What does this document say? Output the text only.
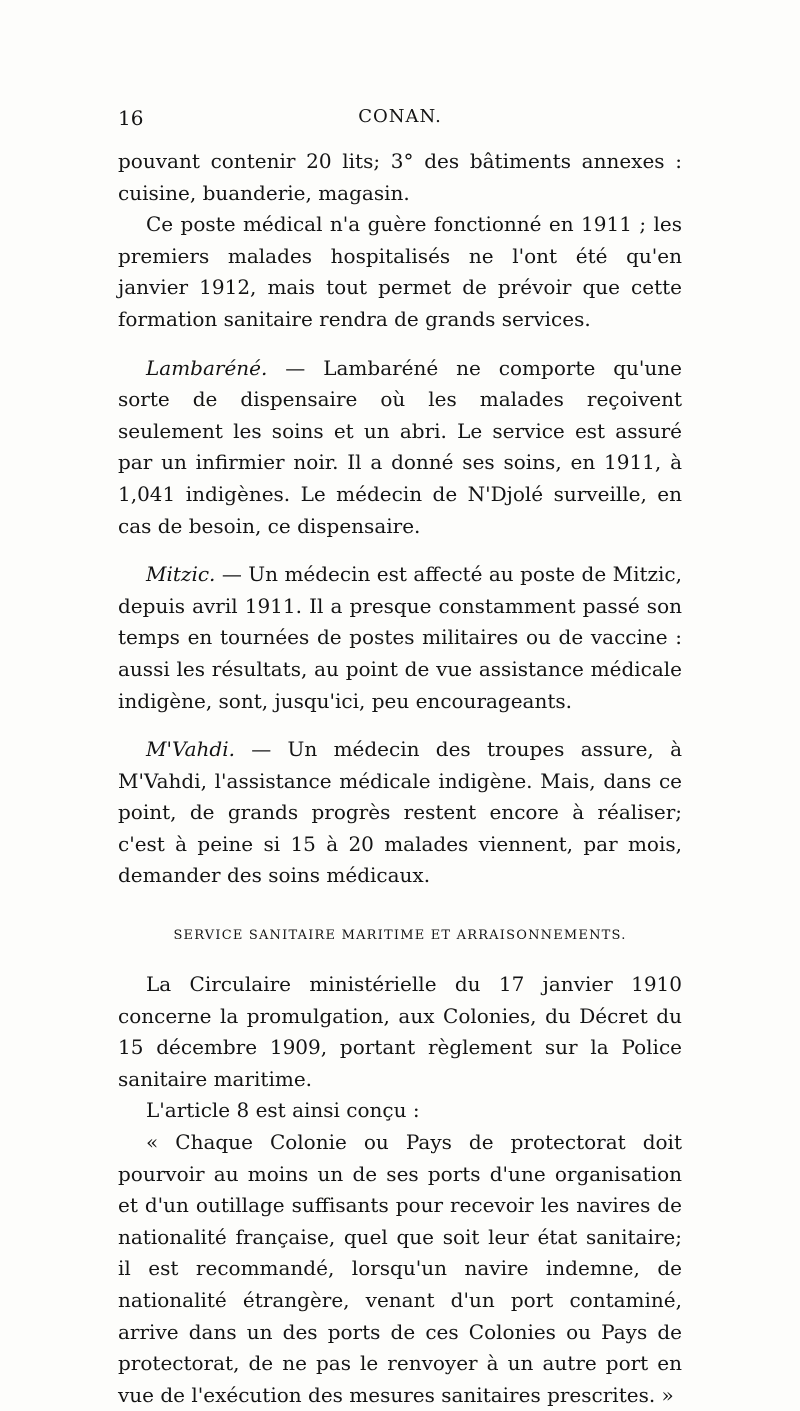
16	CONAN.

pouvant contenir 20 lits; 3° des bâtiments annexes : cuisine, buanderie, magasin.

Ce poste médical n'a guère fonctionné en 1911 ; les premiers malades hospitalisés ne l'ont été qu'en janvier 1912, mais tout permet de prévoir que cette formation sanitaire rendra de grands services.

Lambaréné. — Lambaréné ne comporte qu'une sorte de dispensaire où les malades reçoivent seulement les soins et un abri. Le service est assuré par un infirmier noir. Il a donné ses soins, en 1911, à 1,041 indigènes. Le médecin de N'Djolé surveille, en cas de besoin, ce dispensaire.

Mitzic. — Un médecin est affecté au poste de Mitzic, depuis avril 1911. Il a presque constamment passé son temps en tournées de postes militaires ou de vaccine : aussi les résultats, au point de vue assistance médicale indigène, sont, jusqu'ici, peu encourageants.

M'Vahdi. — Un médecin des troupes assure, à M'Vahdi, l'assistance médicale indigène. Mais, dans ce point, de grands progrès restent encore à réaliser; c'est à peine si 15 à 20 malades viennent, par mois, demander des soins médicaux.

SERVICE SANITAIRE MARITIME ET ARRAISONNEMENTS.

La Circulaire ministérielle du 17 janvier 1910 concerne la promulgation, aux Colonies, du Décret du 15 décembre 1909, portant règlement sur la Police sanitaire maritime.

L'article 8 est ainsi conçu :

« Chaque Colonie ou Pays de protectorat doit pourvoir au moins un de ses ports d'une organisation et d'un outillage suffisants pour recevoir les navires de nationalité française, quel que soit leur état sanitaire; il est recommandé, lorsqu'un navire indemne, de nationalité étrangère, venant d'un port contaminé, arrive dans un des ports de ces Colonies ou Pays de protectorat, de ne pas le renvoyer à un autre port en vue de l'exécution des mesures sanitaires prescrites. »
